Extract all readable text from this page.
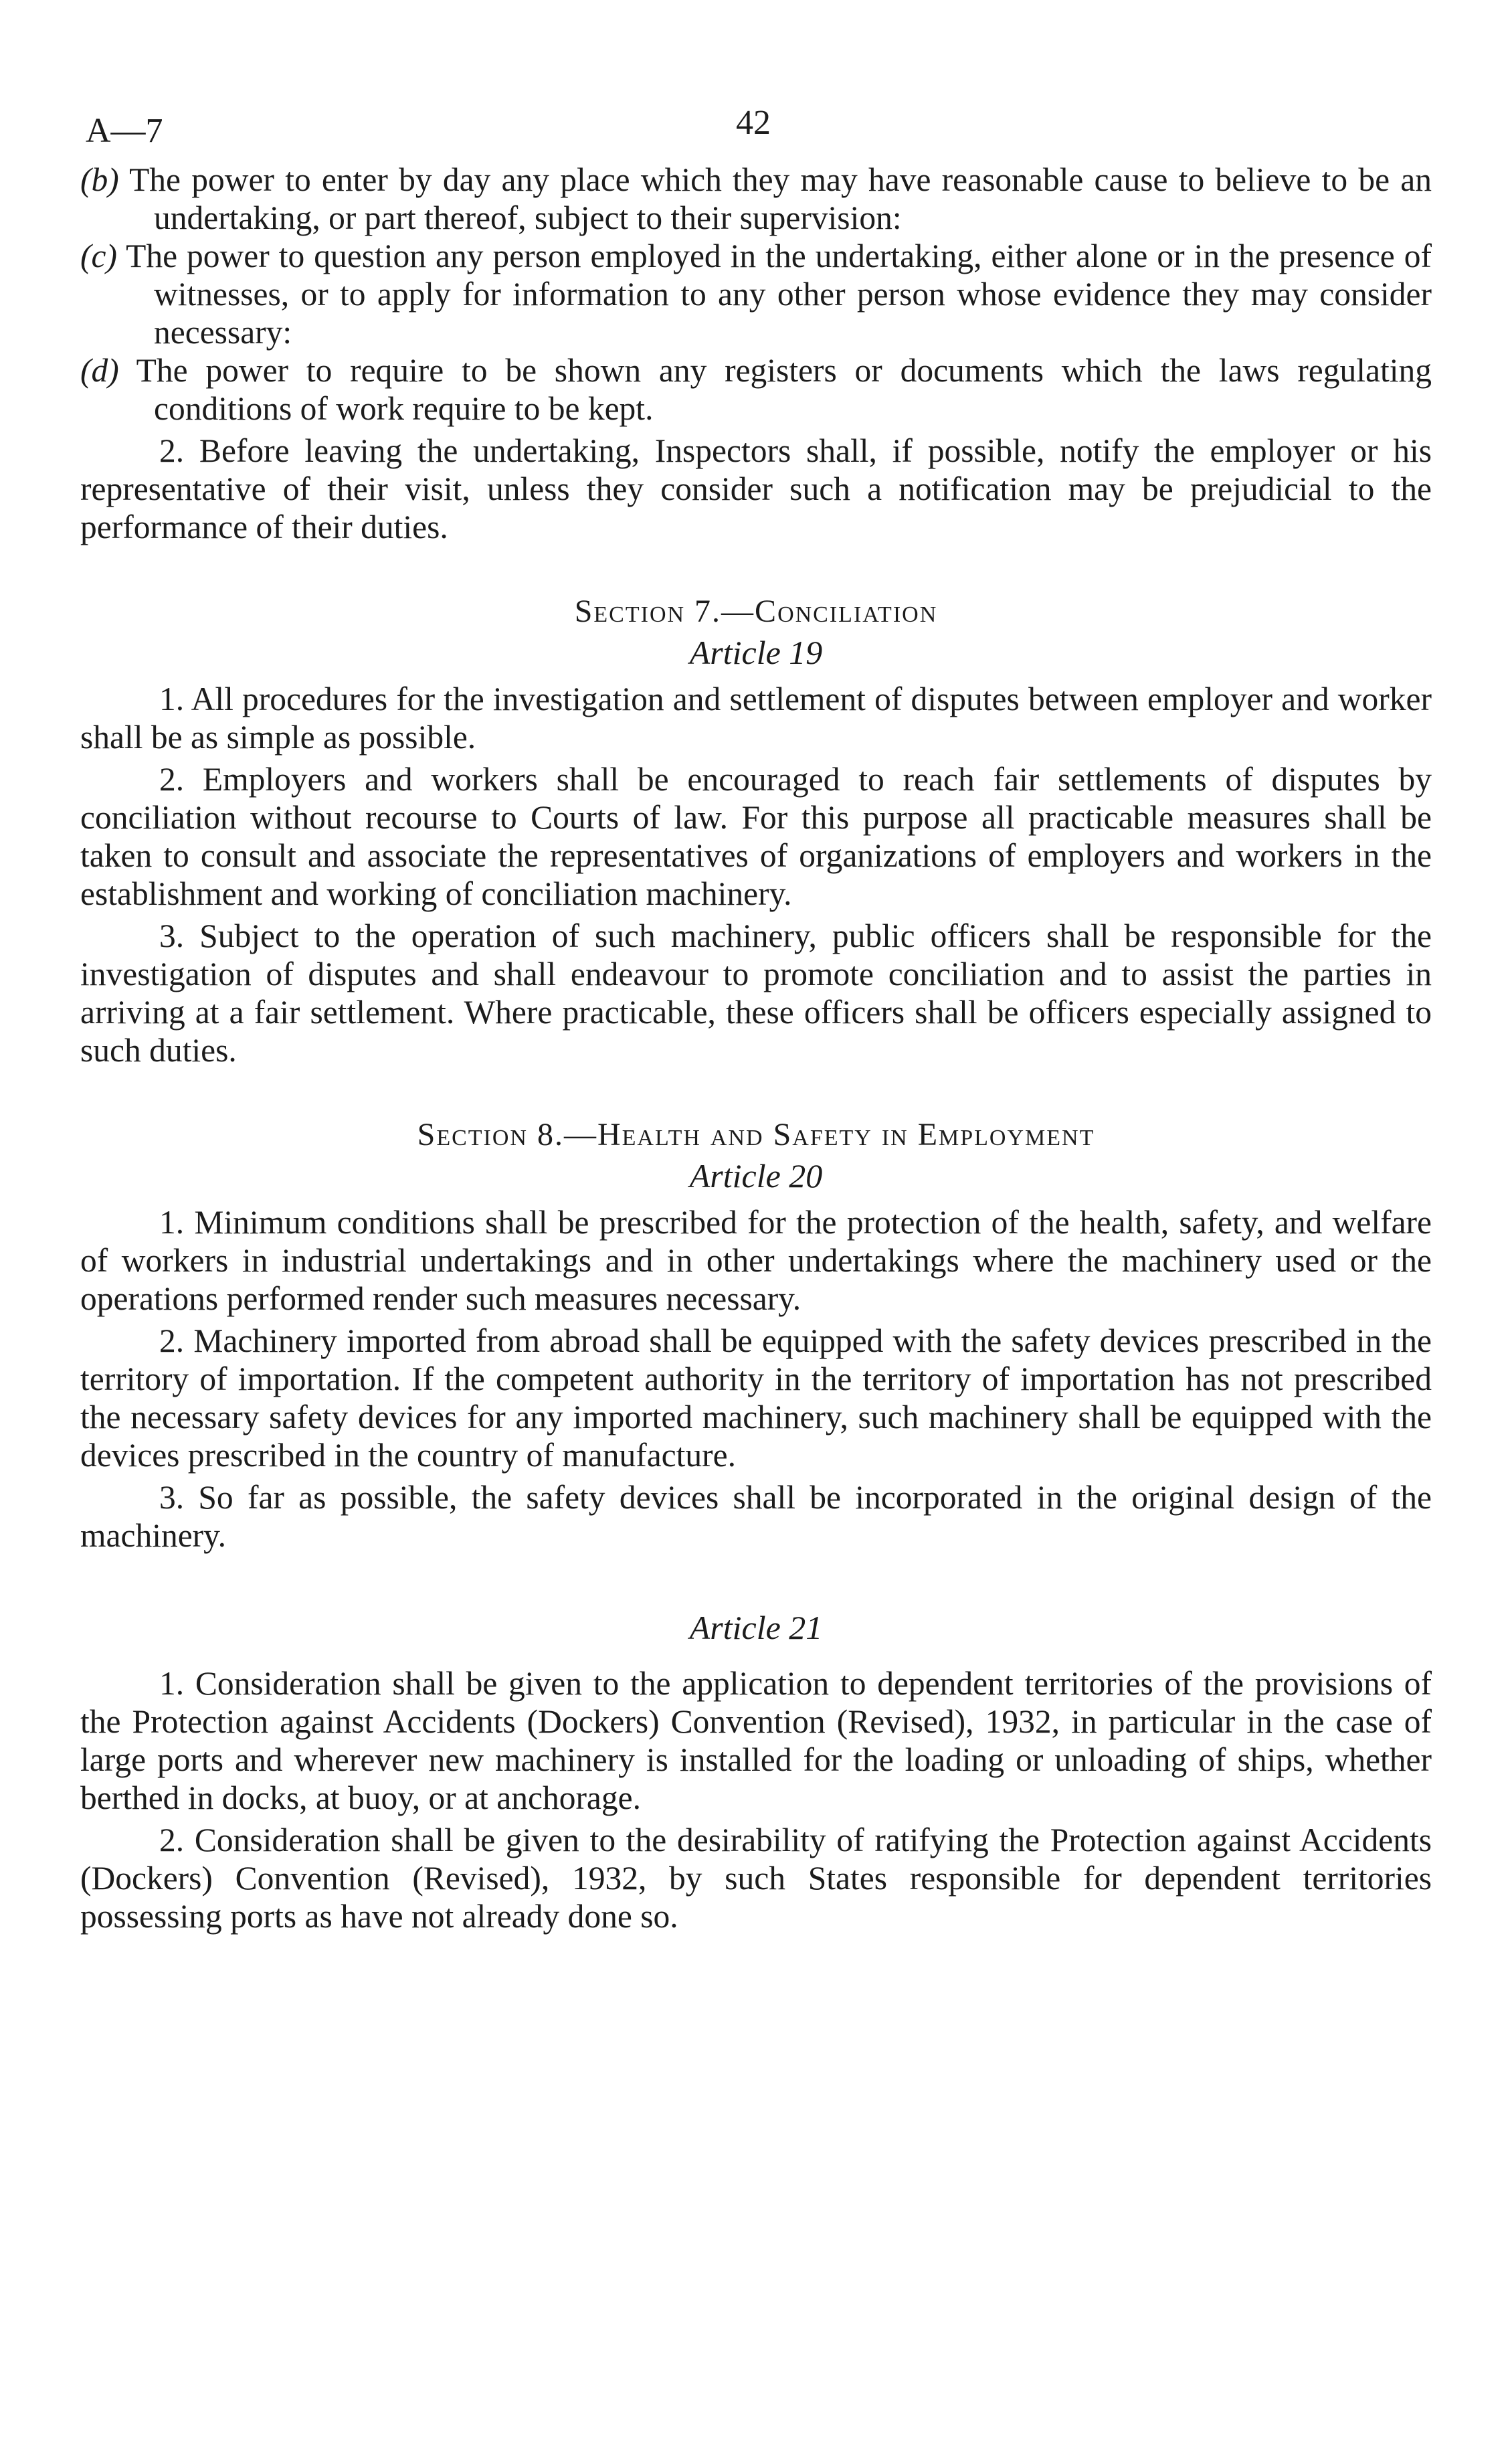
A—7	42

(b) The power to enter by day any place which they may have reasonable cause to believe to be an undertaking, or part thereof, subject to their supervision:

(c) The power to question any person employed in the undertaking, either alone or in the presence of witnesses, or to apply for information to any other person whose evidence they may consider necessary:

(d) The power to require to be shown any registers or documents which the laws regulating conditions of work require to be kept.

2. Before leaving the undertaking, Inspectors shall, if possible, notify the employer or his representative of their visit, unless they consider such a notification may be prejudicial to the performance of their duties.

Section 7.—Conciliation
Article 19

1. All procedures for the investigation and settlement of disputes between employer and worker shall be as simple as possible.

2. Employers and workers shall be encouraged to reach fair settlements of disputes by conciliation without recourse to Courts of law. For this purpose all practicable measures shall be taken to consult and associate the representatives of organizations of employers and workers in the establishment and working of conciliation machinery.

3. Subject to the operation of such machinery, public officers shall be responsible for the investigation of disputes and shall endeavour to promote conciliation and to assist the parties in arriving at a fair settlement. Where practicable, these officers shall be officers especially assigned to such duties.

Section 8.—Health and Safety in Employment
Article 20

1. Minimum conditions shall be prescribed for the protection of the health, safety, and welfare of workers in industrial undertakings and in other undertakings where the machinery used or the operations performed render such measures necessary.

2. Machinery imported from abroad shall be equipped with the safety devices prescribed in the territory of importation. If the competent authority in the territory of importation has not prescribed the necessary safety devices for any imported machinery, such machinery shall be equipped with the devices prescribed in the country of manufacture.

3. So far as possible, the safety devices shall be incorporated in the original design of the machinery.

Article 21

1. Consideration shall be given to the application to dependent territories of the provisions of the Protection against Accidents (Dockers) Convention (Revised), 1932, in particular in the case of large ports and wherever new machinery is installed for the loading or unloading of ships, whether berthed in docks, at buoy, or at anchorage.

2. Consideration shall be given to the desirability of ratifying the Protection against Accidents (Dockers) Convention (Revised), 1932, by such States responsible for dependent territories possessing ports as have not already done so.
